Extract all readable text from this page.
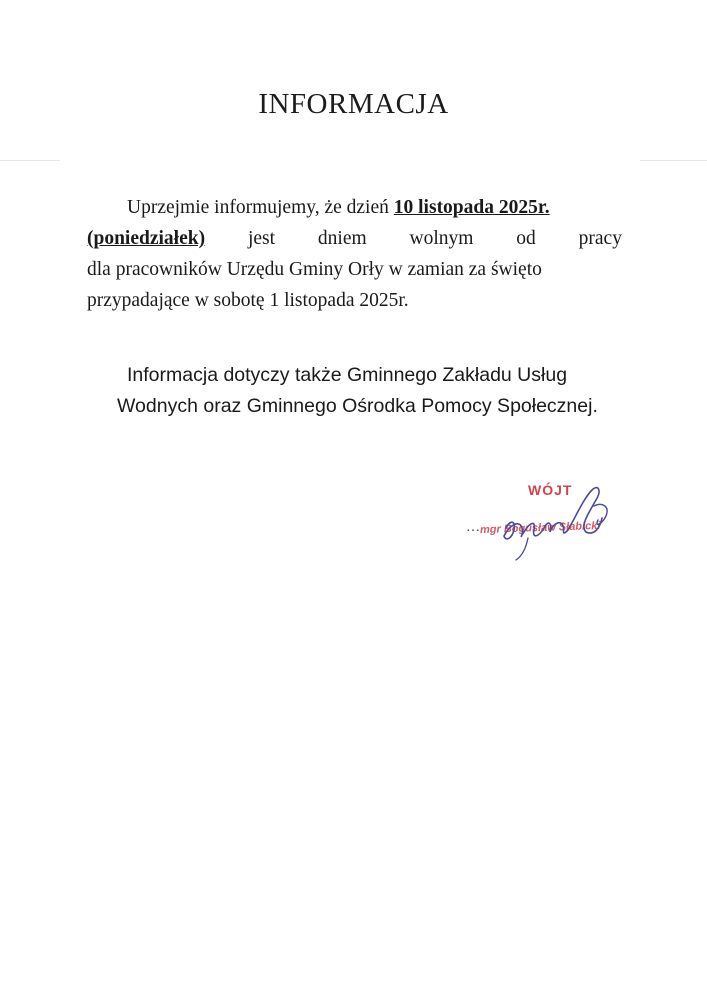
INFORMACJA
Uprzejmie informujemy, że dzień 10 listopada 2025r.
(poniedziałek) jest dniem wolnym od pracy
dla pracowników Urzędu Gminy Orły w zamian za święto
przypadające w sobotę 1 listopada 2025r.
Informacja dotyczy także Gminnego Zakładu Usług
Wodnych oraz Gminnego Ośrodka Pomocy Społecznej.
WÓJT
…
mgr Bogusław Słabicki
